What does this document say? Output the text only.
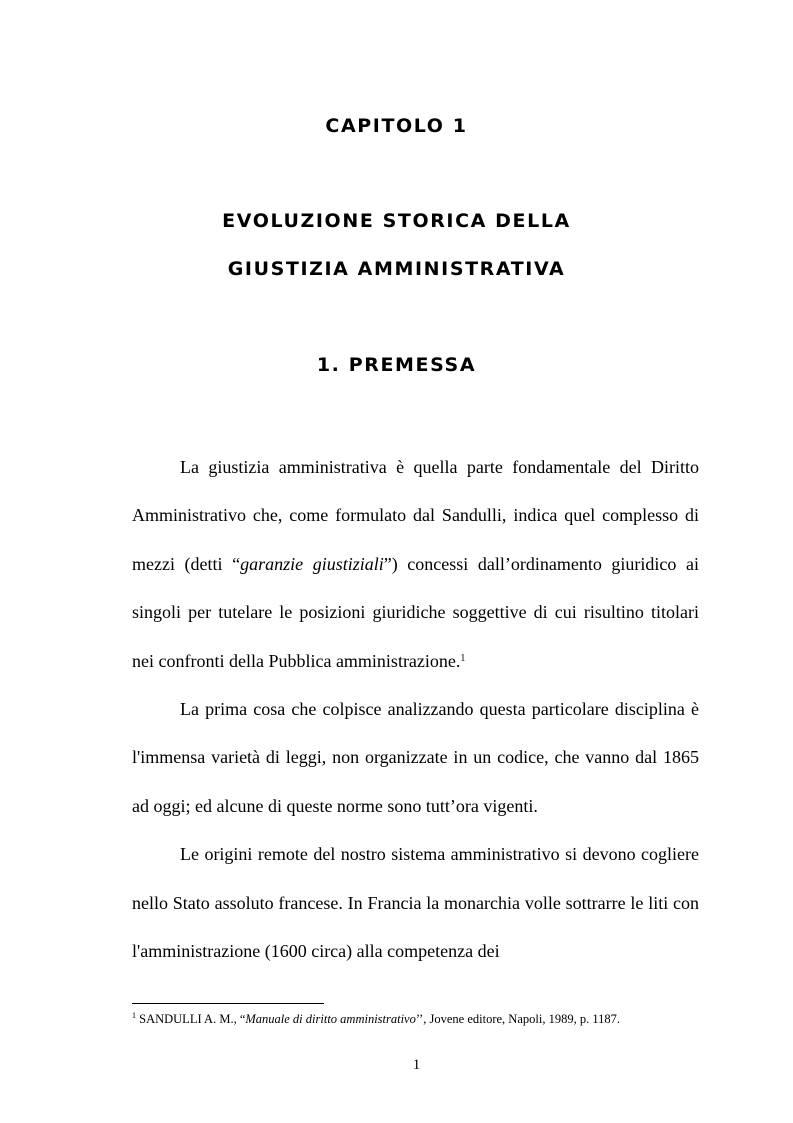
CAPITOLO 1
EVOLUZIONE STORICA DELLA
GIUSTIZIA AMMINISTRATIVA
1. PREMESSA

La giustizia amministrativa è quella parte fondamentale del Diritto Amministrativo che, come formulato dal Sandulli, indica quel complesso di mezzi (detti “garanzie giustiziali”) concessi dall’ordinamento giuridico ai singoli per tutelare le posizioni giuridiche soggettive di cui risultino titolari nei confronti della Pubblica amministrazione.$^1$

La prima cosa che colpisce analizzando questa particolare disciplina è l'immensa varietà di leggi, non organizzate in un codice, che vanno dal 1865 ad oggi; ed alcune di queste norme sono tutt’ora vigenti.

Le origini remote del nostro sistema amministrativo si devono cogliere nello Stato assoluto francese. In Francia la monarchia volle sottrarre le liti con l'amministrazione (1600 circa) alla competenza dei

$^1$ SANDULLI A. M., “Manuale di diritto amministrativo’’, Jovene editore, Napoli, 1989, p. 1187.
1
